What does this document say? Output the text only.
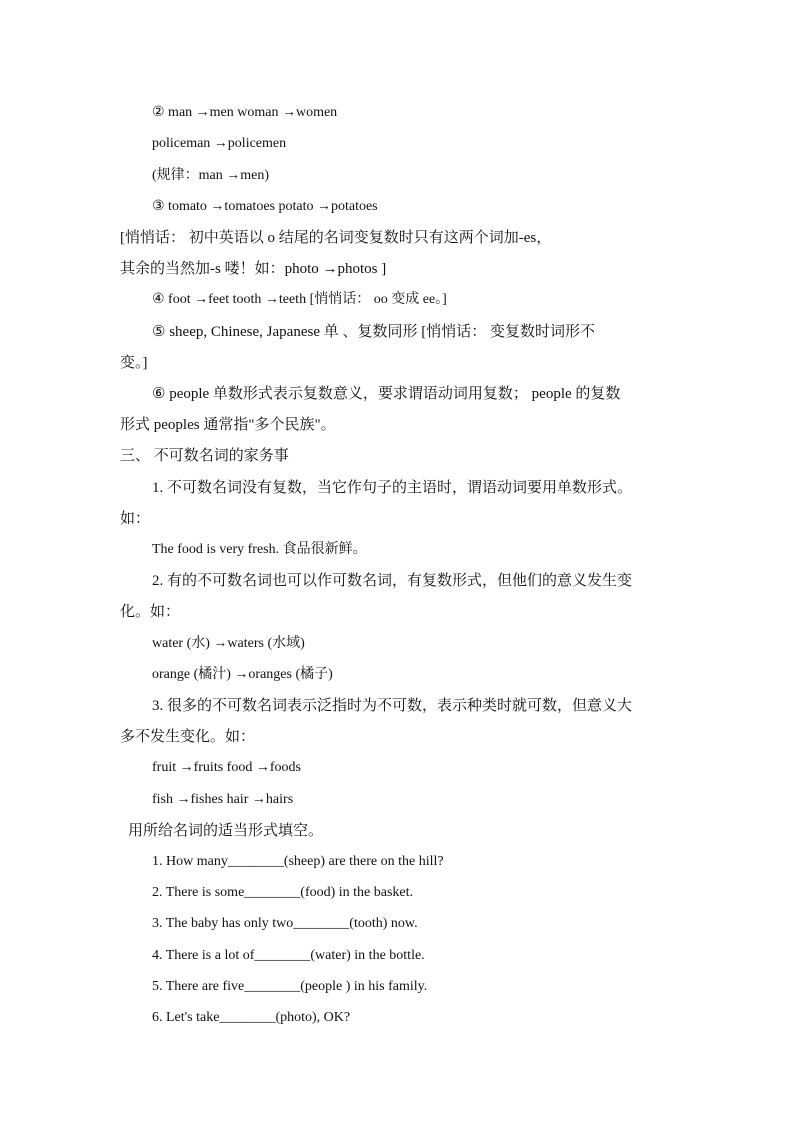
② man →men woman →women
policeman →policemen
(规律：man →men)
③ tomato →tomatoes potato →potatoes
[悄悄话： 初中英语以 o 结尾的名词变复数时只有这两个词加-es，
其余的当然加-s 喽！如：photo →photos ]
④ foot →feet tooth →teeth [悄悄话： oo 变成 ee。]
⑤ sheep, Chinese, Japanese 单 、复数同形 [悄悄话： 变复数时词形不
变。]
⑥ people 单数形式表示复数意义，要求谓语动词用复数； people 的复数
形式 peoples 通常指"多个民族"。
三、 不可数名词的家务事
1. 不可数名词没有复数，当它作句子的主语时，谓语动词要用单数形式。
如：
The food is very fresh. 食品很新鲜。
2. 有的不可数名词也可以作可数名词，有复数形式，但他们的意义发生变
化。如：
water (水) →waters (水域)
orange (橘汁) →oranges (橘子)
3. 很多的不可数名词表示泛指时为不可数，表示种类时就可数，但意义大
多不发生变化。如：
fruit →fruits food →foods
fish →fishes hair →hairs
用所给名词的适当形式填空。
1. How many________(sheep) are there on the hill?
2. There is some________(food) in the basket.
3. The baby has only two________(tooth) now.
4. There is a lot of________(water) in the bottle.
5. There are five________(people ) in his family.
6. Let's take________(photo), OK?
